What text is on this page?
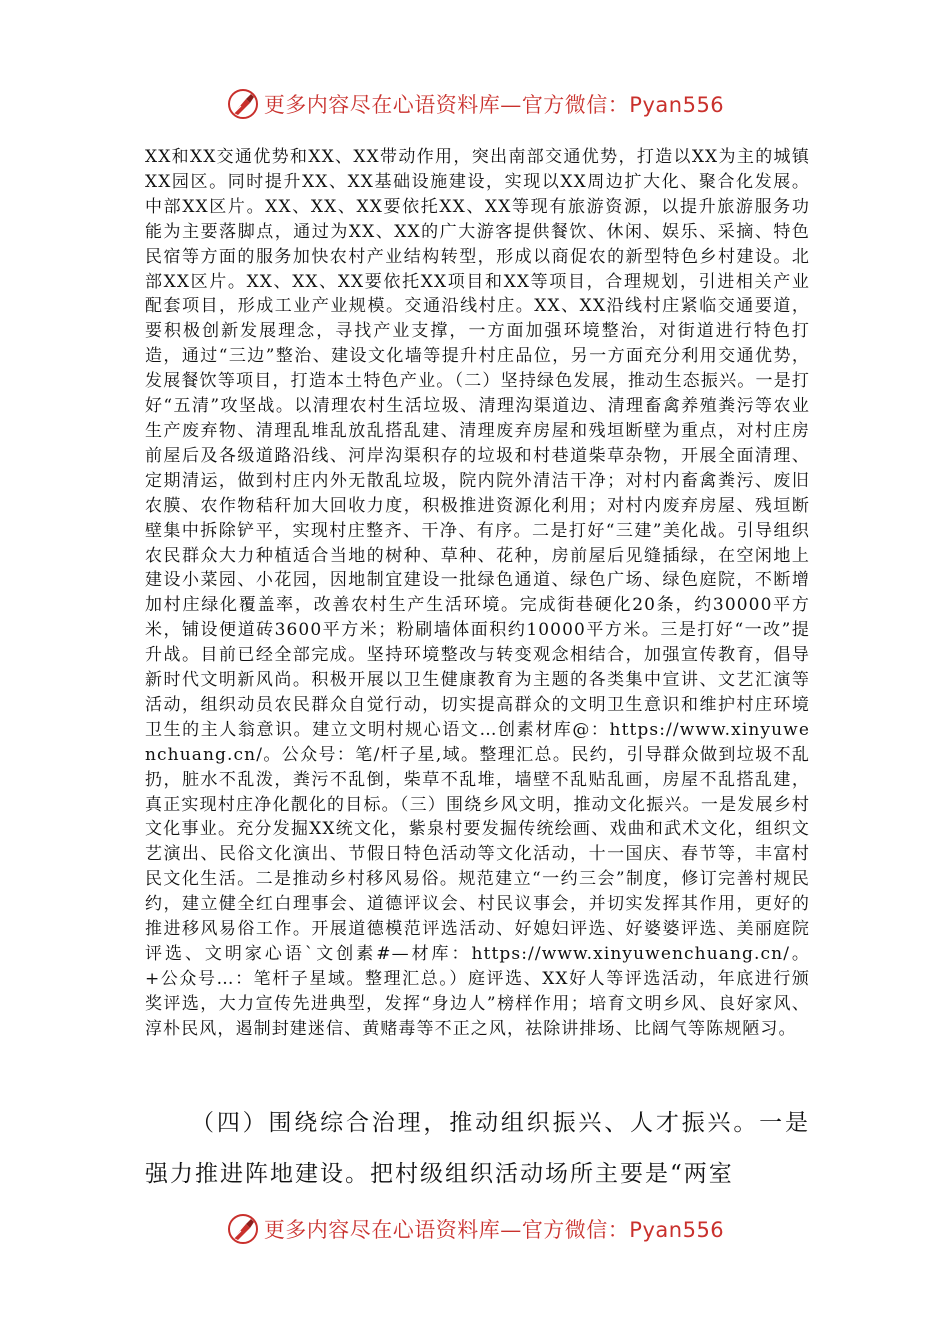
更多内容尽在心语资料库— 官方微信：Pyan556

XX和XX交通优势和XX、XX带动作用，突出南部交通优势，打造以XX为主的城镇XX园区。同时提升XX、XX基础设施建设，实现以XX周边扩大化、聚合化发展。中部XX区片。XX、XX、XX要依托XX、XX等现有旅游资源，以提升旅游服务功能为主要落脚点，通过为XX、XX的广大游客提供餐饮、休闲、娱乐、采摘、特色民宿等方面的服务加快农村产业结构转型，形成以商促农的新型特色乡村建设。北部XX区片。XX、XX、XX要依托XX项目和XX等项目，合理规划，引进相关产业配套项目，形成工业产业规模。交通沿线村庄。XX、XX沿线村庄紧临交通要道，要积极创新发展理念，寻找产业支撑，一方面加强环境整治，对街道进行特色打造，通过“三边”整治、建设文化墙等提升村庄品位，另一方面充分利用交通优势，发展餐饮等项目，打造本土特色产业。（二）坚持绿色发展，推动生态振兴。一是打好“五清”攻坚战。以清理农村生活垃圾、清理沟渠道边、清理畜禽养殖粪污等农业生产废弃物、清理乱堆乱放乱搭乱建、清理废弃房屋和残垣断壁为重点，对村庄房前屋后及各级道路沿线、河岸沟渠积存的垃圾和村巷道柴草杂物，开展全面清理、定期清运，做到村庄内外无散乱垃圾，院内院外清洁干净；对村内畜禽粪污、废旧农膜、农作物秸秆加大回收力度，积极推进资源化利用；对村内废弃房屋、残垣断壁集中拆除铲平，实现村庄整齐、干净、有序。二是打好“三建”美化战。引导组织农民群众大力种植适合当地的树种、草种、花种，房前屋后见缝插绿，在空闲地上建设小菜园、小花园，因地制宜建设一批绿色通道、绿色广场、绿色庭院，不断增加村庄绿化覆盖率，改善农村生产生活环境。完成街巷硬化20条，约30000平方米，铺设便道砖3600平方米；粉刷墙体面积约10000平方米。三是打好“一改”提升战。目前已经全部完成。坚持环境整改与转变观念相结合，加强宣传教育，倡导新时代文明新风尚。积极开展以卫生健康教育为主题的各类集中宣讲、文艺汇演等活动，组织动员农民群众自觉行动，切实提高群众的文明卫生意识和维护村庄环境卫生的主人翁意识。建立文明村规心语文…创素材库@：https://www.xinyuwenchuang.cn/。公众号：笔/杆子星,域。整理汇总。民约，引导群众做到垃圾不乱扔，脏水不乱泼，粪污不乱倒，柴草不乱堆，墙壁不乱贴乱画，房屋不乱搭乱建，真正实现村庄净化靓化的目标。（三）围绕乡风文明，推动文化振兴。一是发展乡村文化事业。充分发掘XX统文化，紫泉村要发掘传统绘画、戏曲和武术文化，组织文艺演出、民俗文化演出、节假日特色活动等文化活动，十一国庆、春节等，丰富村民文化生活。二是推动乡村移风易俗。规范建立“一约三会”制度，修订完善村规民约，建立健全红白理事会、道德评议会、村民议事会，并切实发挥其作用，更好的推进移风易俗工作。开展道德模范评选活动、好媳妇评选、好婆婆评选、美丽庭院评选、文明家心语`文创素#—材库：https://www.xinyuwenchuang.cn/。+公众号…：笔杆子星域。整理汇总。）庭评选、XX好人等评选活动，年底进行颁奖评选，大力宣传先进典型，发挥“身边人”榜样作用；培育文明乡风、良好家风、淳朴民风，遏制封建迷信、黄赌毒等不正之风，祛除讲排场、比阔气等陈规陋习。

（四）围绕综合治理，推动组织振兴、人才振兴。一是强力推进阵地建设。把村级组织活动场所主要是“两室

更多内容尽在心语资料库— 官方微信：Pyan556
